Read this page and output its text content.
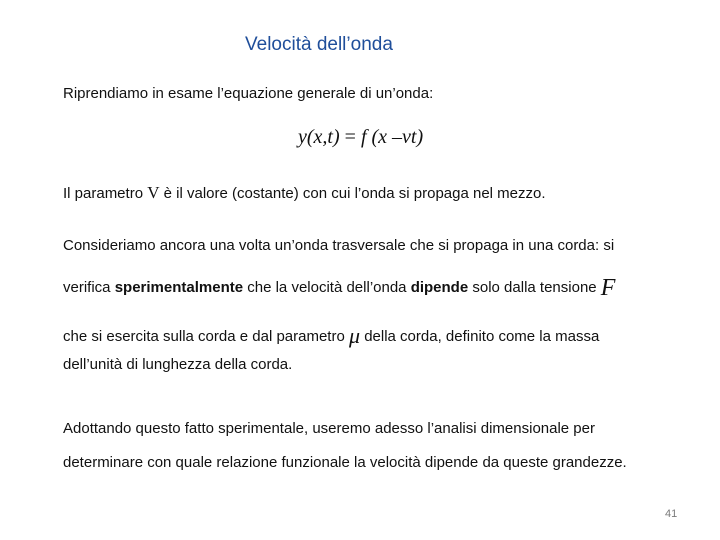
Velocità dell’onda
Riprendiamo in esame l’equazione generale di un’onda:
y(x,t) = f (x –vt)
Il parametro V è il valore (costante) con cui l’onda si propaga nel mezzo.
Consideriamo ancora una volta un’onda trasversale che si propaga in una corda: si
verifica sperimentalmente che la velocità dell’onda dipende solo dalla tensione F
che si esercita sulla corda e dal parametro μ della corda, definito come la massa
dell’unità di lunghezza della corda.
Adottando questo fatto sperimentale, useremo adesso l’analisi dimensionale per
determinare con quale relazione funzionale la velocità dipende da queste grandezze.
41
